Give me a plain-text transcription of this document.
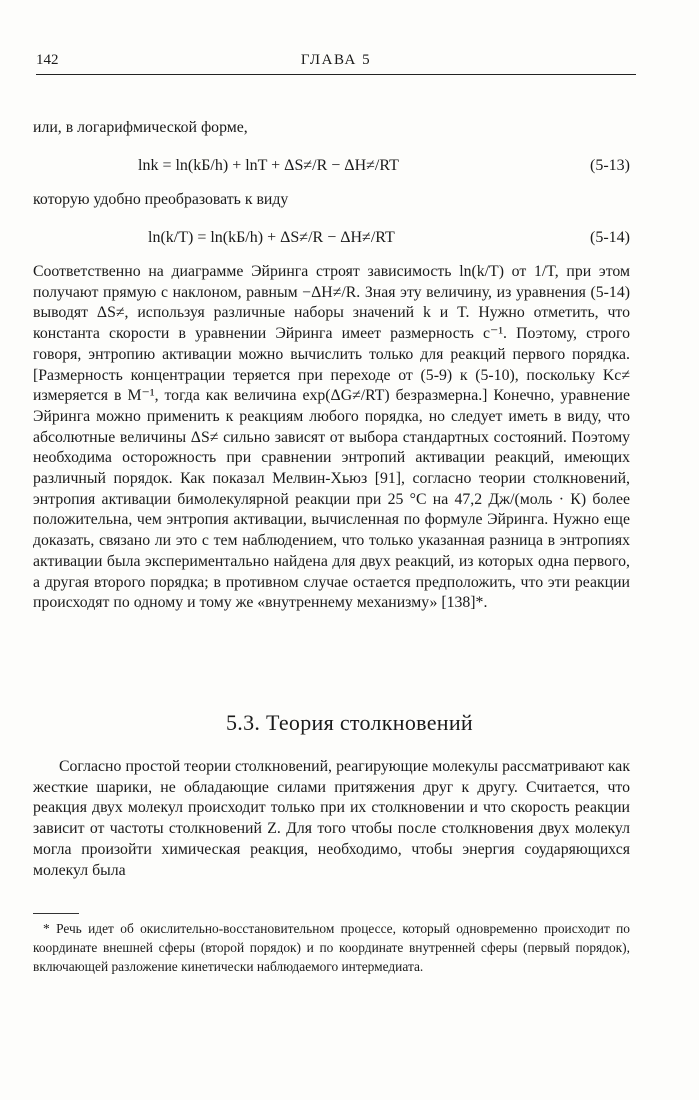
142	ГЛАВА 5
или, в логарифмической форме,
lnk = ln(kБ/h) + lnT + ΔS≠/R − ΔH≠/RT	(5-13)
которую удобно преобразовать к виду
ln(k/T) = ln(kБ/h) + ΔS≠/R − ΔH≠/RT	(5-14)
Соответственно на диаграмме Эйринга строят зависимость ln(k/T) от 1/T, при этом получают прямую с наклоном, равным −ΔH≠/R. Зная эту величину, из уравнения (5-14) выводят ΔS≠, используя различные наборы значений k и T. Нужно отметить, что константа скорости в уравнении Эйринга имеет размерность с⁻¹. Поэтому, строго говоря, энтропию активации можно вычислить только для реакций первого порядка. [Размерность концентрации теряется при переходе от (5-9) к (5-10), поскольку Kс≠ измеряется в М⁻¹, тогда как величина exp(ΔG≠/RT) безразмерна.] Конечно, уравнение Эйринга можно применить к реакциям любого порядка, но следует иметь в виду, что абсолютные величины ΔS≠ сильно зависят от выбора стандартных состояний. Поэтому необходима осторожность при сравнении энтропий активации реакций, имеющих различный порядок. Как показал Мелвин-Хьюз [91], согласно теории столкновений, энтропия активации бимолекулярной реакции при 25 °С на 47,2 Дж/(моль · К) более положительна, чем энтропия активации, вычисленная по формуле Эйринга. Нужно еще доказать, связано ли это с тем наблюдением, что только указанная разница в энтропиях активации была экспериментально найдена для двух реакций, из которых одна первого, а другая второго порядка; в противном случае остается предположить, что эти реакции происходят по одному и тому же «внутреннему механизму» [138]*.
5.3. Теория столкновений
Согласно простой теории столкновений, реагирующие молекулы рассматривают как жесткие шарики, не обладающие силами притяжения друг к другу. Считается, что реакция двух молекул происходит только при их столкновении и что скорость реакции зависит от частоты столкновений Z. Для того чтобы после столкновения двух молекул могла произойти химическая реакция, необходимо, чтобы энергия соударяющихся молекул была
* Речь идет об окислительно-восстановительном процессе, который одновременно происходит по координате внешней сферы (второй порядок) и по координате внутренней сферы (первый порядок), включающей разложение кинетически наблюдаемого интермедиата.
